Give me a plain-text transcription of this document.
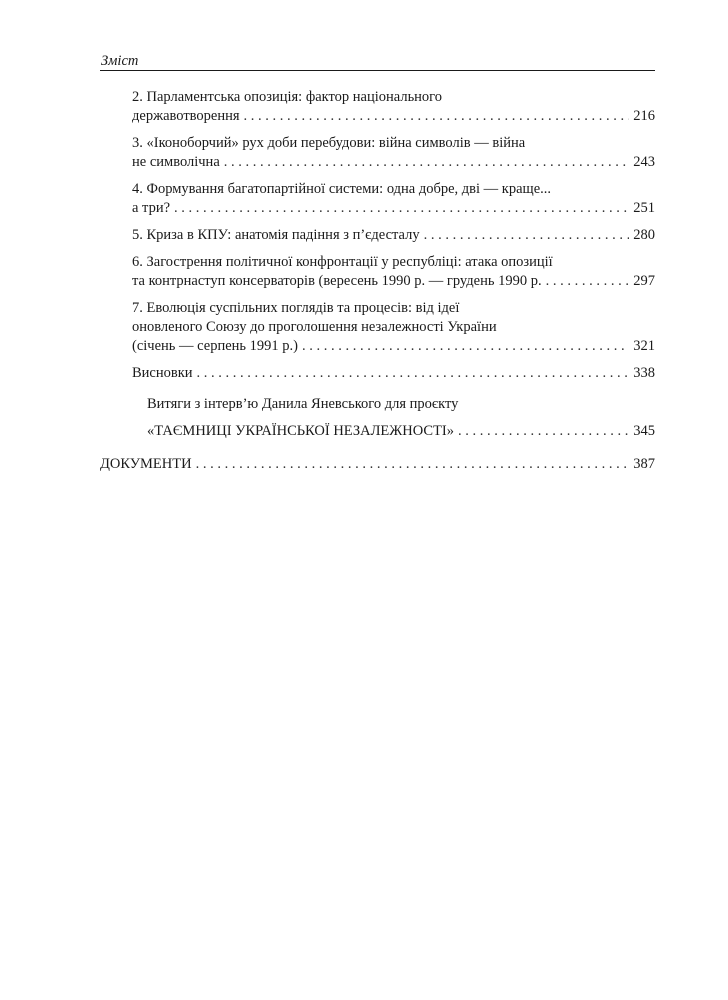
Зміст
2. Парламентська опозиція: фактор національного
державотворення . . .	216
3. «Іконоборчий» рух доби перебудови: війна символів — війна
не символічна . . .	243
4. Формування багатопартійної системи: одна добре, дві — краще...
а три? . . .	251
5. Криза в КПУ: анатомія падіння з п’єдесталу . . .	280
6. Загострення політичної конфронтації у республіці: атака опозиції
та контрнаступ консерваторів (вересень 1990 р. — грудень 1990 р. . . .	297
7. Еволюція суспільних поглядів та процесів: від ідеї
оновленого Союзу до проголошення незалежності України
(січень — серпень 1991 р.) . . .	321
Висновки . . .	338
Витяги з інтерв’ю Данила Яневського для проєкту
«ТАЄМНИЦІ УКРАЇНСЬКОЇ НЕЗАЛЕЖНОСТІ» . . .	345
ДОКУМЕНТИ . . .	387
